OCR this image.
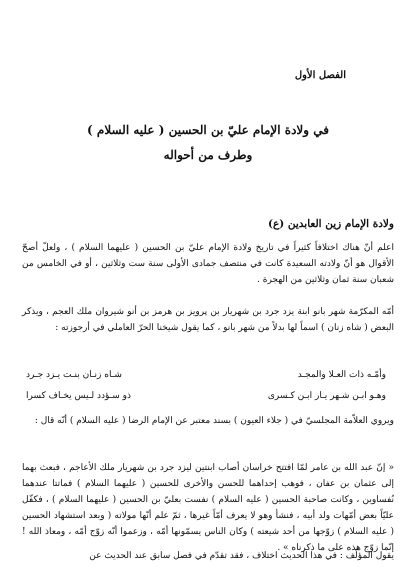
الفصل الأول
في ولادة الإمام عليّ بن الحسين ( عليه السلام )
وطرف من أحواله
ولادة الإمام زين العابدين (ع)
اعلم أنّ هناك اختلافاً كثيراً في تاريخ ولادة الإمام عليّ بن الحسين ( عليهما السلام ) ، ولعلّ أصحّ الأقوال هو أنّ ولادته السعيدة كانت في منتصف جمادى الأولى سنة ست وثلاثين ، أو في الخامس من شعبان سنة ثمان وثلاثين من الهجرة .
أمّه المكرّمة شهر بانو ابنة يزد جرد بن شهريار بن پرويز بن هرمز بن أنو شيروان ملك العجم ، ويذكر البعض ( شاه زنان ) اسماً لها بدلاً من شهر بانو ، كما يقول شيخنا الحرّ العاملي في أرجوزته :
وأمّـه ذات العـلا والمجـد
شـاه زنـان بنـت يـزد جـرد
وهـو ابـن شـهر يـار ابـن كـسرى
ذو سـؤدد لـيس يخـاف كسرا
ويروي العلاّمة المجلسيّ في ( جلاء العيون ) بسند معتبر عن الإمام الرضا ( عليه السلام ) أنّه قال :
« إنّ عبد الله بن عامر لمّا افتتح خراسان أصاب ابنتين ليزد جرد بن شهريار ملك الأعاجم ، فبعث بهما إلى عثمان بن عفان ، فوهب إحداهما للحسن والأخرى للحسين ( عليهما السلام ) فماتتا عندهما نُفساوين ، وكانت صاحبة الحسين ( عليه السلام ) نفست بعليّ بن الحسين ( عليهما السلام ) ، فكفّل عليّاً بعض أمّهات ولد أبيه ، فنشأ وهو لا يعرف أمّاً غيرها ، ثمّ علم أنّها مولاته ( وبعد استشهاد الحسين ( عليه السلام ) زوّجها من أحد شيعته ) وكان الناس يسمّونها أمّه ، وزعموا أنّه زوّج أمّه ، ومعاذ الله ! إنّما زوّج هذه على ما ذكرناه » .
يقول المؤلّف : في هذا الحديث اختلاف ، فقد تقدّم في فصل سابق عند الحديث عن
